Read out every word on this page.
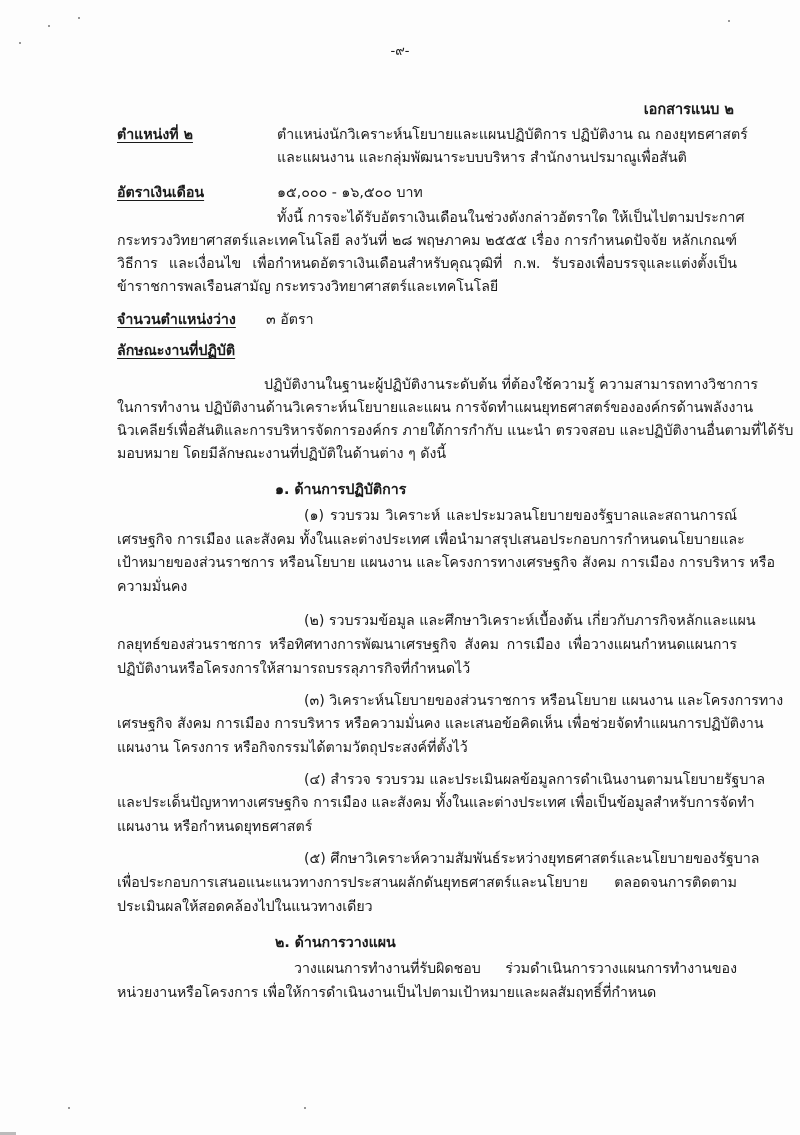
-๙-
เอกสารแนบ ๒
ตำแหน่งที่ ๒	ตำแหน่งนักวิเคราะห์นโยบายและแผนปฏิบัติการ ปฏิบัติงาน ณ กองยุทธศาสตร์
และแผนงาน และกลุ่มพัฒนาระบบบริหาร สำนักงานปรมาณูเพื่อสันติ
อัตราเงินเดือน	๑๕,๐๐๐ - ๑๖,๕๐๐ บาท
ทั้งนี้ การจะได้รับอัตราเงินเดือนในช่วงดังกล่าวอัตราใด ให้เป็นไปตามประกาศ
กระทรวงวิทยาศาสตร์และเทคโนโลยี ลงวันที่ ๒๘ พฤษภาคม ๒๕๕๕ เรื่อง การกำหนดปัจจัย หลักเกณฑ์
วิธีการ และเงื่อนไข เพื่อกำหนดอัตราเงินเดือนสำหรับคุณวุฒิที่ ก.พ. รับรองเพื่อบรรจุและแต่งตั้งเป็น
ข้าราชการพลเรือนสามัญ กระทรวงวิทยาศาสตร์และเทคโนโลยี
จำนวนตำแหน่งว่าง ๓ อัตรา
ลักษณะงานที่ปฏิบัติ
ปฏิบัติงานในฐานะผู้ปฏิบัติงานระดับต้น ที่ต้องใช้ความรู้ ความสามารถทางวิชาการ
ในการทำงาน ปฏิบัติงานด้านวิเคราะห์นโยบายและแผน การจัดทำแผนยุทธศาสตร์ขององค์กรด้านพลังงาน
นิวเคลียร์เพื่อสันติและการบริหารจัดการองค์กร ภายใต้การกำกับ แนะนำ ตรวจสอบ และปฏิบัติงานอื่นตามที่ได้รับ
มอบหมาย โดยมีลักษณะงานที่ปฏิบัติในด้านต่าง ๆ ดังนี้
๑. ด้านการปฏิบัติการ
(๑) รวบรวม วิเคราะห์ และประมวลนโยบายของรัฐบาลและสถานการณ์
เศรษฐกิจ การเมือง และสังคม ทั้งในและต่างประเทศ เพื่อนำมาสรุปเสนอประกอบการกำหนดนโยบายและ
เป้าหมายของส่วนราชการ หรือนโยบาย แผนงาน และโครงการทางเศรษฐกิจ สังคม การเมือง การบริหาร หรือ
ความมั่นคง
(๒) รวบรวมข้อมูล และศึกษาวิเคราะห์เบื้องต้น เกี่ยวกับภารกิจหลักและแผน
กลยุทธ์ของส่วนราชการ หรือทิศทางการพัฒนาเศรษฐกิจ สังคม การเมือง เพื่อวางแผนกำหนดแผนการ
ปฏิบัติงานหรือโครงการให้สามารถบรรลุภารกิจที่กำหนดไว้
(๓) วิเคราะห์นโยบายของส่วนราชการ หรือนโยบาย แผนงาน และโครงการทาง
เศรษฐกิจ สังคม การเมือง การบริหาร หรือความมั่นคง และเสนอข้อคิดเห็น เพื่อช่วยจัดทำแผนการปฏิบัติงาน
แผนงาน โครงการ หรือกิจกรรมได้ตามวัตถุประสงค์ที่ตั้งไว้
(๔) สำรวจ รวบรวม และประเมินผลข้อมูลการดำเนินงานตามนโยบายรัฐบาล
และประเด็นปัญหาทางเศรษฐกิจ การเมือง และสังคม ทั้งในและต่างประเทศ เพื่อเป็นข้อมูลสำหรับการจัดทำ
แผนงาน หรือกำหนดยุทธศาสตร์
(๕) ศึกษาวิเคราะห์ความสัมพันธ์ระหว่างยุทธศาสตร์และนโยบายของรัฐบาล
เพื่อประกอบการเสนอแนะแนวทางการประสานผลักดันยุทธศาสตร์และนโยบาย ตลอดจนการติดตาม
ประเมินผลให้สอดคล้องไปในแนวทางเดียว
๒. ด้านการวางแผน
วางแผนการทำงานที่รับผิดชอบ ร่วมดำเนินการวางแผนการทำงานของ
หน่วยงานหรือโครงการ เพื่อให้การดำเนินงานเป็นไปตามเป้าหมายและผลสัมฤทธิ์ที่กำหนด
